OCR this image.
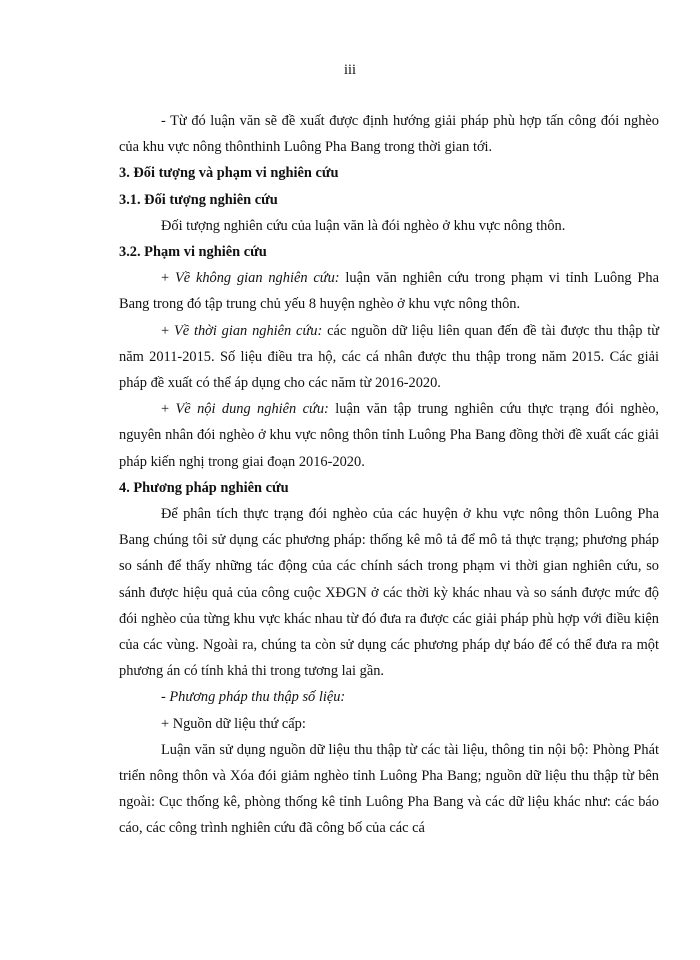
iii

- Từ đó luận văn sẽ đề xuất được định hướng giải pháp phù hợp tấn công đói nghèo của khu vực nông thônthinh Luông Pha Bang trong thời gian tới.

3. Đối tượng và phạm vi nghiên cứu

3.1. Đối tượng nghiên cứu

Đối tượng nghiên cứu của luận văn là đói nghèo ở khu vực nông thôn.

3.2. Phạm vi nghiên cứu

+ Về không gian nghiên cứu: luận văn nghiên cứu trong phạm vi tỉnh Luông Pha Bang trong đó tập trung chủ yếu 8 huyện nghèo ở khu vực nông thôn.

+ Về thời gian nghiên cứu: các nguồn dữ liệu liên quan đến đề tài được thu thập từ năm 2011-2015. Số liệu điều tra hộ, các cá nhân được thu thập trong năm 2015. Các giải pháp đề xuất có thể áp dụng cho các năm từ 2016-2020.

+ Về nội dung nghiên cứu: luận văn tập trung nghiên cứu thực trạng đói nghèo, nguyên nhân đói nghèo ở khu vực nông thôn tỉnh Luông Pha Bang đồng thời đề xuất các giải pháp kiến nghị trong giai đoạn 2016-2020.

4. Phương pháp nghiên cứu

Để phân tích thực trạng đói nghèo của các huyện ở khu vực nông thôn Luông Pha Bang chúng tôi sử dụng các phương pháp: thống kê mô tả để mô tả thực trạng; phương pháp so sánh để thấy những tác động của các chính sách trong phạm vi thời gian nghiên cứu, so sánh được hiệu quả của công cuộc XĐGN ở các thời kỳ khác nhau và so sánh được mức độ đói nghèo của từng khu vực khác nhau từ đó đưa ra được các giải pháp phù hợp với điều kiện của các vùng. Ngoài ra, chúng ta còn sử dụng các phương pháp dự báo để có thể đưa ra một phương án có tính khả thi trong tương lai gần.

- Phương pháp thu thập số liệu:

+ Nguồn dữ liệu thứ cấp:

Luận văn sử dụng nguồn dữ liệu thu thập từ các tài liệu, thông tin nội bộ: Phòng Phát triển nông thôn và Xóa đói giảm nghèo tỉnh Luông Pha Bang; nguồn dữ liệu thu thập từ bên ngoài: Cục thống kê, phòng thống kê tỉnh Luông Pha Bang và các dữ liệu khác như: các báo cáo, các công trình nghiên cứu đã công bố của các cá
